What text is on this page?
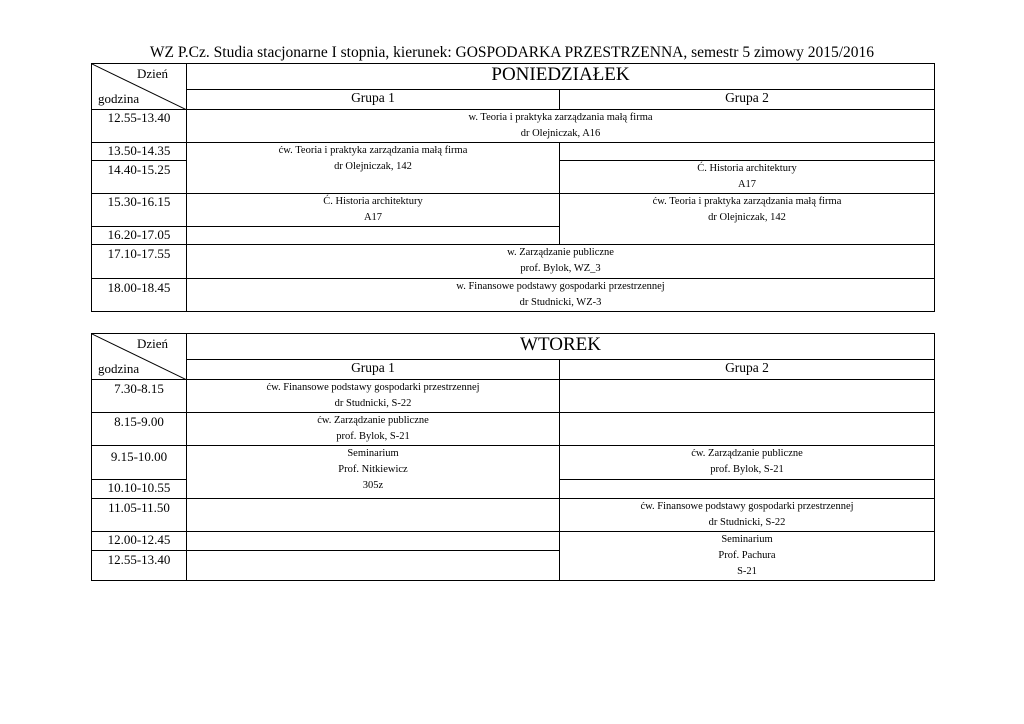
WZ P.Cz. Studia stacjonarne I stopnia, kierunek: GOSPODARKA PRZESTRZENNA, semestr 5 zimowy 2015/2016
Dzień
godzina	PONIEDZIAŁEK	
	Grupa 1	Grupa 2
12.55-13.40	w. Teoria i praktyka zarządzania małą firma
dr Olejniczak, A16	

13.50-14.35	ćw. Teoria i praktyka zarządzania małą firma
dr Olejniczak, 142	

14.40-15.25		Ć. Historia architektury
A17

15.30-16.15	Ć. Historia architektury
A17	ćw. Teoria i praktyka zarządzania małą firma
dr Olejniczak, 142

16.20-17.05		
17.10-17.55	w. Zarządzanie publiczne
prof. Bylok, WZ_3	

18.00-18.45	w. Finansowe podstawy gospodarki przestrzennej
dr Studnicki, WZ-3	
Dzień
godzina	WTOREK	
	Grupa 1	Grupa 2
7.30-8.15	ćw. Finansowe podstawy gospodarki przestrzennej
dr Studnicki, S-22	

8.15-9.00	ćw. Zarządzanie publiczne
prof. Bylok, S-21	

9.15-10.00	Seminarium
Prof. Nitkiewicz
305z	ćw. Zarządzanie publiczne
prof. Bylok, S-21

10.10-10.55		
11.05-11.50		ćw. Finansowe podstawy gospodarki przestrzennej
dr Studnicki, S-22

12.00-12.45		Seminarium
Prof. Pachura
S-21

12.55-13.40		
